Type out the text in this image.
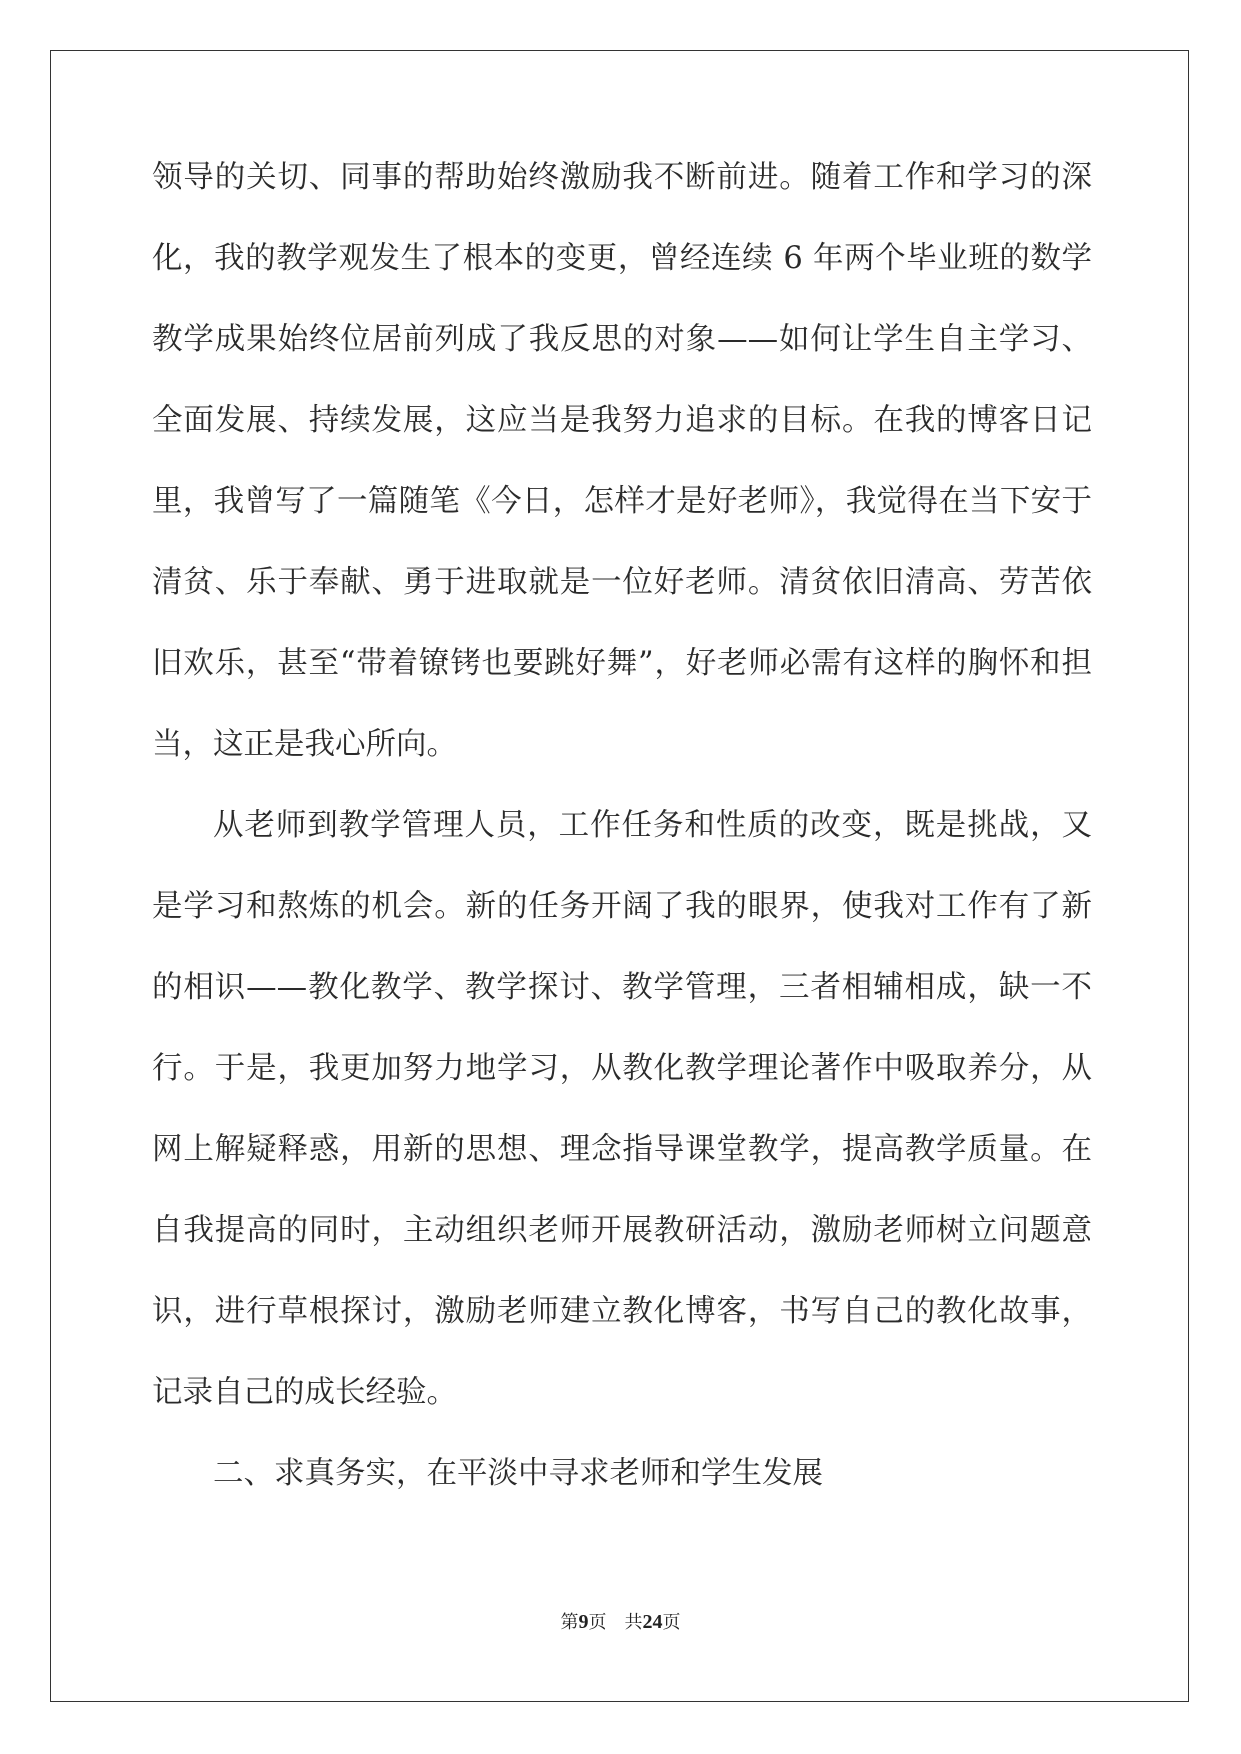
领导的关切、同事的帮助始终激励我不断前进。随着工作和学习的深
化，我的教学观发生了根本的变更，曾经连续 6 年两个毕业班的数学
教学成果始终位居前列成了我反思的对象——如何让学生自主学习、
全面发展、持续发展，这应当是我努力追求的目标。在我的博客日记
里，我曾写了一篇随笔《今日，怎样才是好老师》，我觉得在当下安于
清贫、乐于奉献、勇于进取就是一位好老师。清贫依旧清高、劳苦依
旧欢乐，甚至“带着镣铐也要跳好舞”，好老师必需有这样的胸怀和担
当，这正是我心所向。
从老师到教学管理人员，工作任务和性质的改变，既是挑战，又
是学习和熬炼的机会。新的任务开阔了我的眼界，使我对工作有了新
的相识——教化教学、教学探讨、教学管理，三者相辅相成，缺一不
行。于是，我更加努力地学习，从教化教学理论著作中吸取养分，从
网上解疑释惑，用新的思想、理念指导课堂教学，提高教学质量。在
自我提高的同时，主动组织老师开展教研活动，激励老师树立问题意
识，进行草根探讨，激励老师建立教化博客，书写自己的教化故事，
记录自己的成长经验。
二、求真务实，在平淡中寻求老师和学生发展
第9页 共24页
